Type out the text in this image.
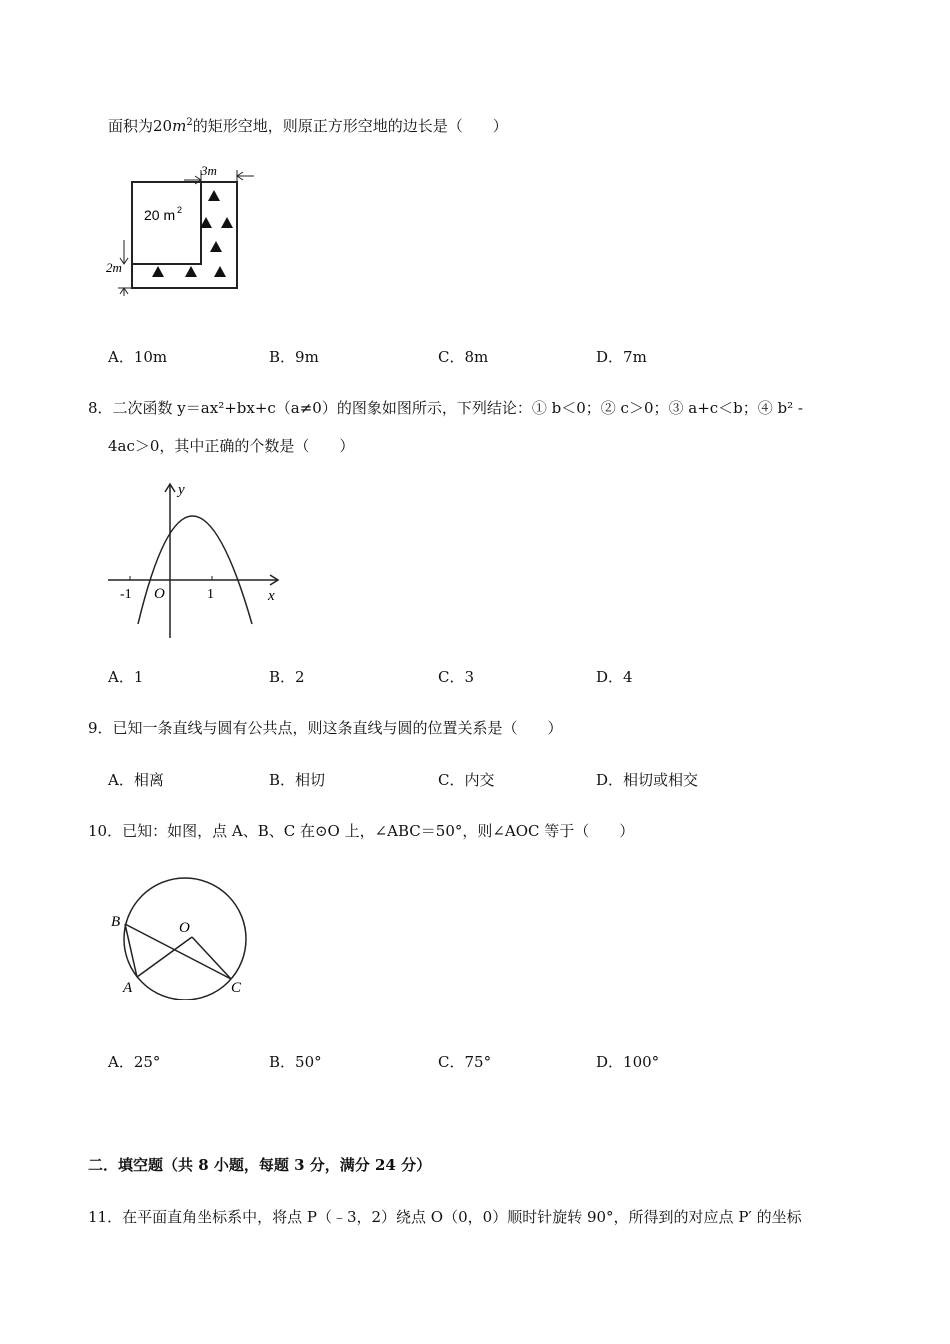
面积为$20m^2$的矩形空地，则原正方形空地的边长是（　　）
3m
2m
20 m 2
A．10m	B．9m	C．8m	D．7m
8．二次函数 y＝ax²+bx+c（a≠0）的图象如图所示，下列结论：① b＜0；② c＞0；③ a+c＜b；④ b² -
4ac＞0，其中正确的个数是（　　）
y
x
-1 O	1
A．1	B．2	C．3	D．4
9．已知一条直线与圆有公共点，则这条直线与圆的位置关系是（　　）
A．相离	B．相切	C．内交	D．相切或相交
10．已知：如图，点 A、B、C 在⊙O 上，∠ABC＝50°，则∠AOC 等于（　　）
B	O
A	C
A．25°	B．50°	C．75°	D．100°
二．填空题（共 8 小题，每题 3 分，满分 24 分）
11．在平面直角坐标系中，将点 P（﹣3，2）绕点 O（0，0）顺时针旋转 90°，所得到的对应点 P′ 的坐标
